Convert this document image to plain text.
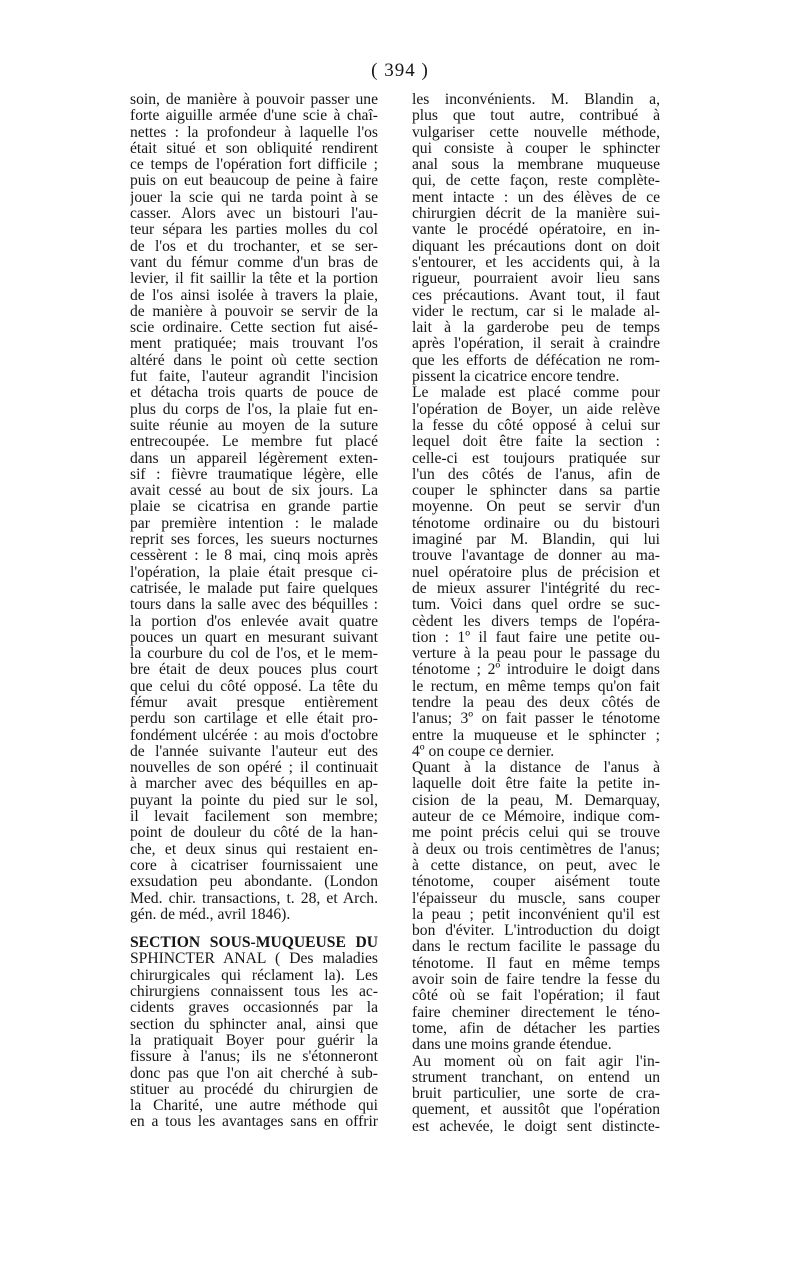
( 394 )
soin, de manière à pouvoir passer une
forte aiguille armée d'une scie à chaî-
nettes : la profondeur à laquelle l'os
était situé et son obliquité rendirent
ce temps de l'opération fort difficile ;
puis on eut beaucoup de peine à faire
jouer la scie qui ne tarda point à se
casser. Alors avec un bistouri l'au-
teur sépara les parties molles du col
de l'os et du trochanter, et se ser-
vant du fémur comme d'un bras de
levier, il fit saillir la tête et la portion
de l'os ainsi isolée à travers la plaie,
de manière à pouvoir se servir de la
scie ordinaire. Cette section fut aisé-
ment pratiquée; mais trouvant l'os
altéré dans le point où cette section
fut faite, l'auteur agrandit l'incision
et détacha trois quarts de pouce de
plus du corps de l'os, la plaie fut en-
suite réunie au moyen de la suture
entrecoupée. Le membre fut placé
dans un appareil légèrement exten-
sif : fièvre traumatique légère, elle
avait cessé au bout de six jours. La
plaie se cicatrisa en grande partie
par première intention : le malade
reprit ses forces, les sueurs nocturnes
cessèrent : le 8 mai, cinq mois après
l'opération, la plaie était presque ci-
catrisée, le malade put faire quelques
tours dans la salle avec des béquilles :
la portion d'os enlevée avait quatre
pouces un quart en mesurant suivant
la courbure du col de l'os, et le mem-
bre était de deux pouces plus court
que celui du côté opposé. La tête du
fémur avait presque entièrement
perdu son cartilage et elle était pro-
fondément ulcérée : au mois d'octobre
de l'année suivante l'auteur eut des
nouvelles de son opéré ; il continuait
à marcher avec des béquilles en ap-
puyant la pointe du pied sur le sol,
il levait facilement son membre;
point de douleur du côté de la han-
che, et deux sinus qui restaient en-
core à cicatriser fournissaient une
exsudation peu abondante. (London
Med. chir. transactions, t. 28, et Arch.
gén. de méd., avril 1846).
SECTION SOUS-MUQUEUSE DU
SPHINCTER ANAL ( Des maladies
chirurgicales qui réclament la). Les
chirurgiens connaissent tous les ac-
cidents graves occasionnés par la
section du sphincter anal, ainsi que
la pratiquait Boyer pour guérir la
fissure à l'anus; ils ne s'étonneront
donc pas que l'on ait cherché à sub-
stituer au procédé du chirurgien de
la Charité, une autre méthode qui
en a tous les avantages sans en offrir
les inconvénients. M. Blandin a,
plus que tout autre, contribué à
vulgariser cette nouvelle méthode,
qui consiste à couper le sphincter
anal sous la membrane muqueuse
qui, de cette façon, reste complète-
ment intacte : un des élèves de ce
chirurgien décrit de la manière sui-
vante le procédé opératoire, en in-
diquant les précautions dont on doit
s'entourer, et les accidents qui, à la
rigueur, pourraient avoir lieu sans
ces précautions. Avant tout, il faut
vider le rectum, car si le malade al-
lait à la garderobe peu de temps
après l'opération, il serait à craindre
que les efforts de défécation ne rom-
pissent la cicatrice encore tendre.
Le malade est placé comme pour
l'opération de Boyer, un aide relève
la fesse du côté opposé à celui sur
lequel doit être faite la section :
celle-ci est toujours pratiquée sur
l'un des côtés de l'anus, afin de
couper le sphincter dans sa partie
moyenne. On peut se servir d'un
ténotome ordinaire ou du bistouri
imaginé par M. Blandin, qui lui
trouve l'avantage de donner au ma-
nuel opératoire plus de précision et
de mieux assurer l'intégrité du rec-
tum. Voici dans quel ordre se suc-
cèdent les divers temps de l'opéra-
tion : 1º il faut faire une petite ou-
verture à la peau pour le passage du
ténotome ; 2º introduire le doigt dans
le rectum, en même temps qu'on fait
tendre la peau des deux côtés de
l'anus; 3º on fait passer le ténotome
entre la muqueuse et le sphincter ;
4º on coupe ce dernier.
Quant à la distance de l'anus à
laquelle doit être faite la petite in-
cision de la peau, M. Demarquay,
auteur de ce Mémoire, indique com-
me point précis celui qui se trouve
à deux ou trois centimètres de l'anus;
à cette distance, on peut, avec le
ténotome, couper aisément toute
l'épaisseur du muscle, sans couper
la peau ; petit inconvénient qu'il est
bon d'éviter. L'introduction du doigt
dans le rectum facilite le passage du
ténotome. Il faut en même temps
avoir soin de faire tendre la fesse du
côté où se fait l'opération; il faut
faire cheminer directement le téno-
tome, afin de détacher les parties
dans une moins grande étendue.
Au moment où on fait agir l'in-
strument tranchant, on entend un
bruit particulier, une sorte de cra-
quement, et aussitôt que l'opération
est achevée, le doigt sent distincte-
